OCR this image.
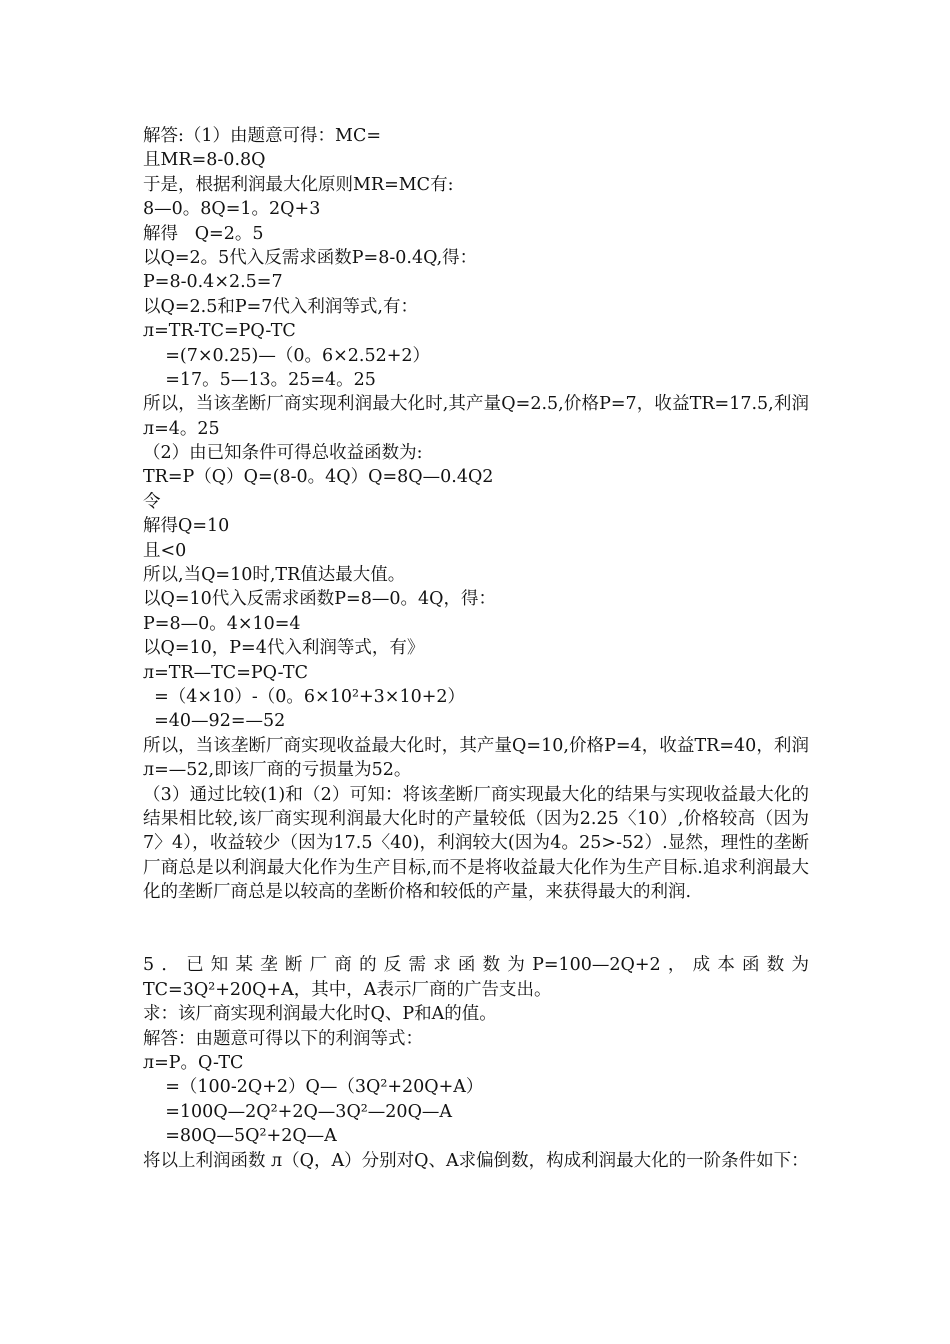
解答:（1）由题意可得：MC=
且MR=8-0.8Q
于是，根据利润最大化原则MR=MC有:
8—0。8Q=1。2Q+3
解得   Q=2。5
以Q=2。5代入反需求函数P=8-0.4Q,得：
P=8-0.4×2.5=7
以Q=2.5和P=7代入利润等式,有：
л=TR-TC=PQ-TC
=(7×0.25)—（0。6×2.52+2）
=17。5—13。25=4。25
所以，当该垄断厂商实现利润最大化时,其产量Q=2.5,价格P=7，收益TR=17.5,利润 л=4。25
（2）由已知条件可得总收益函数为:
TR=P（Q）Q=(8-0。4Q）Q=8Q—0.4Q2
令
解得Q=10
且<0
所以,当Q=10时,TR值达最大值。
以Q=10代入反需求函数P=8—0。4Q，得：
P=8—0。4×10=4
以Q=10，P=4代入利润等式，有》
л=TR—TC=PQ-TC
=（4×10）-（0。6×10²+3×10+2）
=40—92=—52
所以，当该垄断厂商实现收益最大化时，其产量Q=10,价格P=4，收益TR=40，利润 л=—52,即该厂商的亏损量为52。
（3）通过比较(1)和（2）可知：将该垄断厂商实现最大化的结果与实现收益最大化的结果相比较,该厂商实现利润最大化时的产量较低（因为2.25〈10）,价格较高（因为7〉4），收益较少（因为17.5〈40)，利润较大(因为4。25>-52）.显然，理性的垄断厂商总是以利润最大化作为生产目标,而不是将收益最大化作为生产目标.追求利润最大化的垄断厂商总是以较高的垄断价格和较低的产量，来获得最大的利润.
5．已知某垄断厂商的反需求函数为P=100—2Q+2，成本函数为TC=3Q²+20Q+A，其中，A表示厂商的广告支出。
求：该厂商实现利润最大化时Q、P和A的值。
解答：由题意可得以下的利润等式：
л=P。Q-TC
=（100-2Q+2）Q—（3Q²+20Q+A）
=100Q—2Q²+2Q—3Q²—20Q—A
=80Q—5Q²+2Q—A
将以上利润函数 л（Q，A）分别对Q、A求偏倒数，构成利润最大化的一阶条件如下：
